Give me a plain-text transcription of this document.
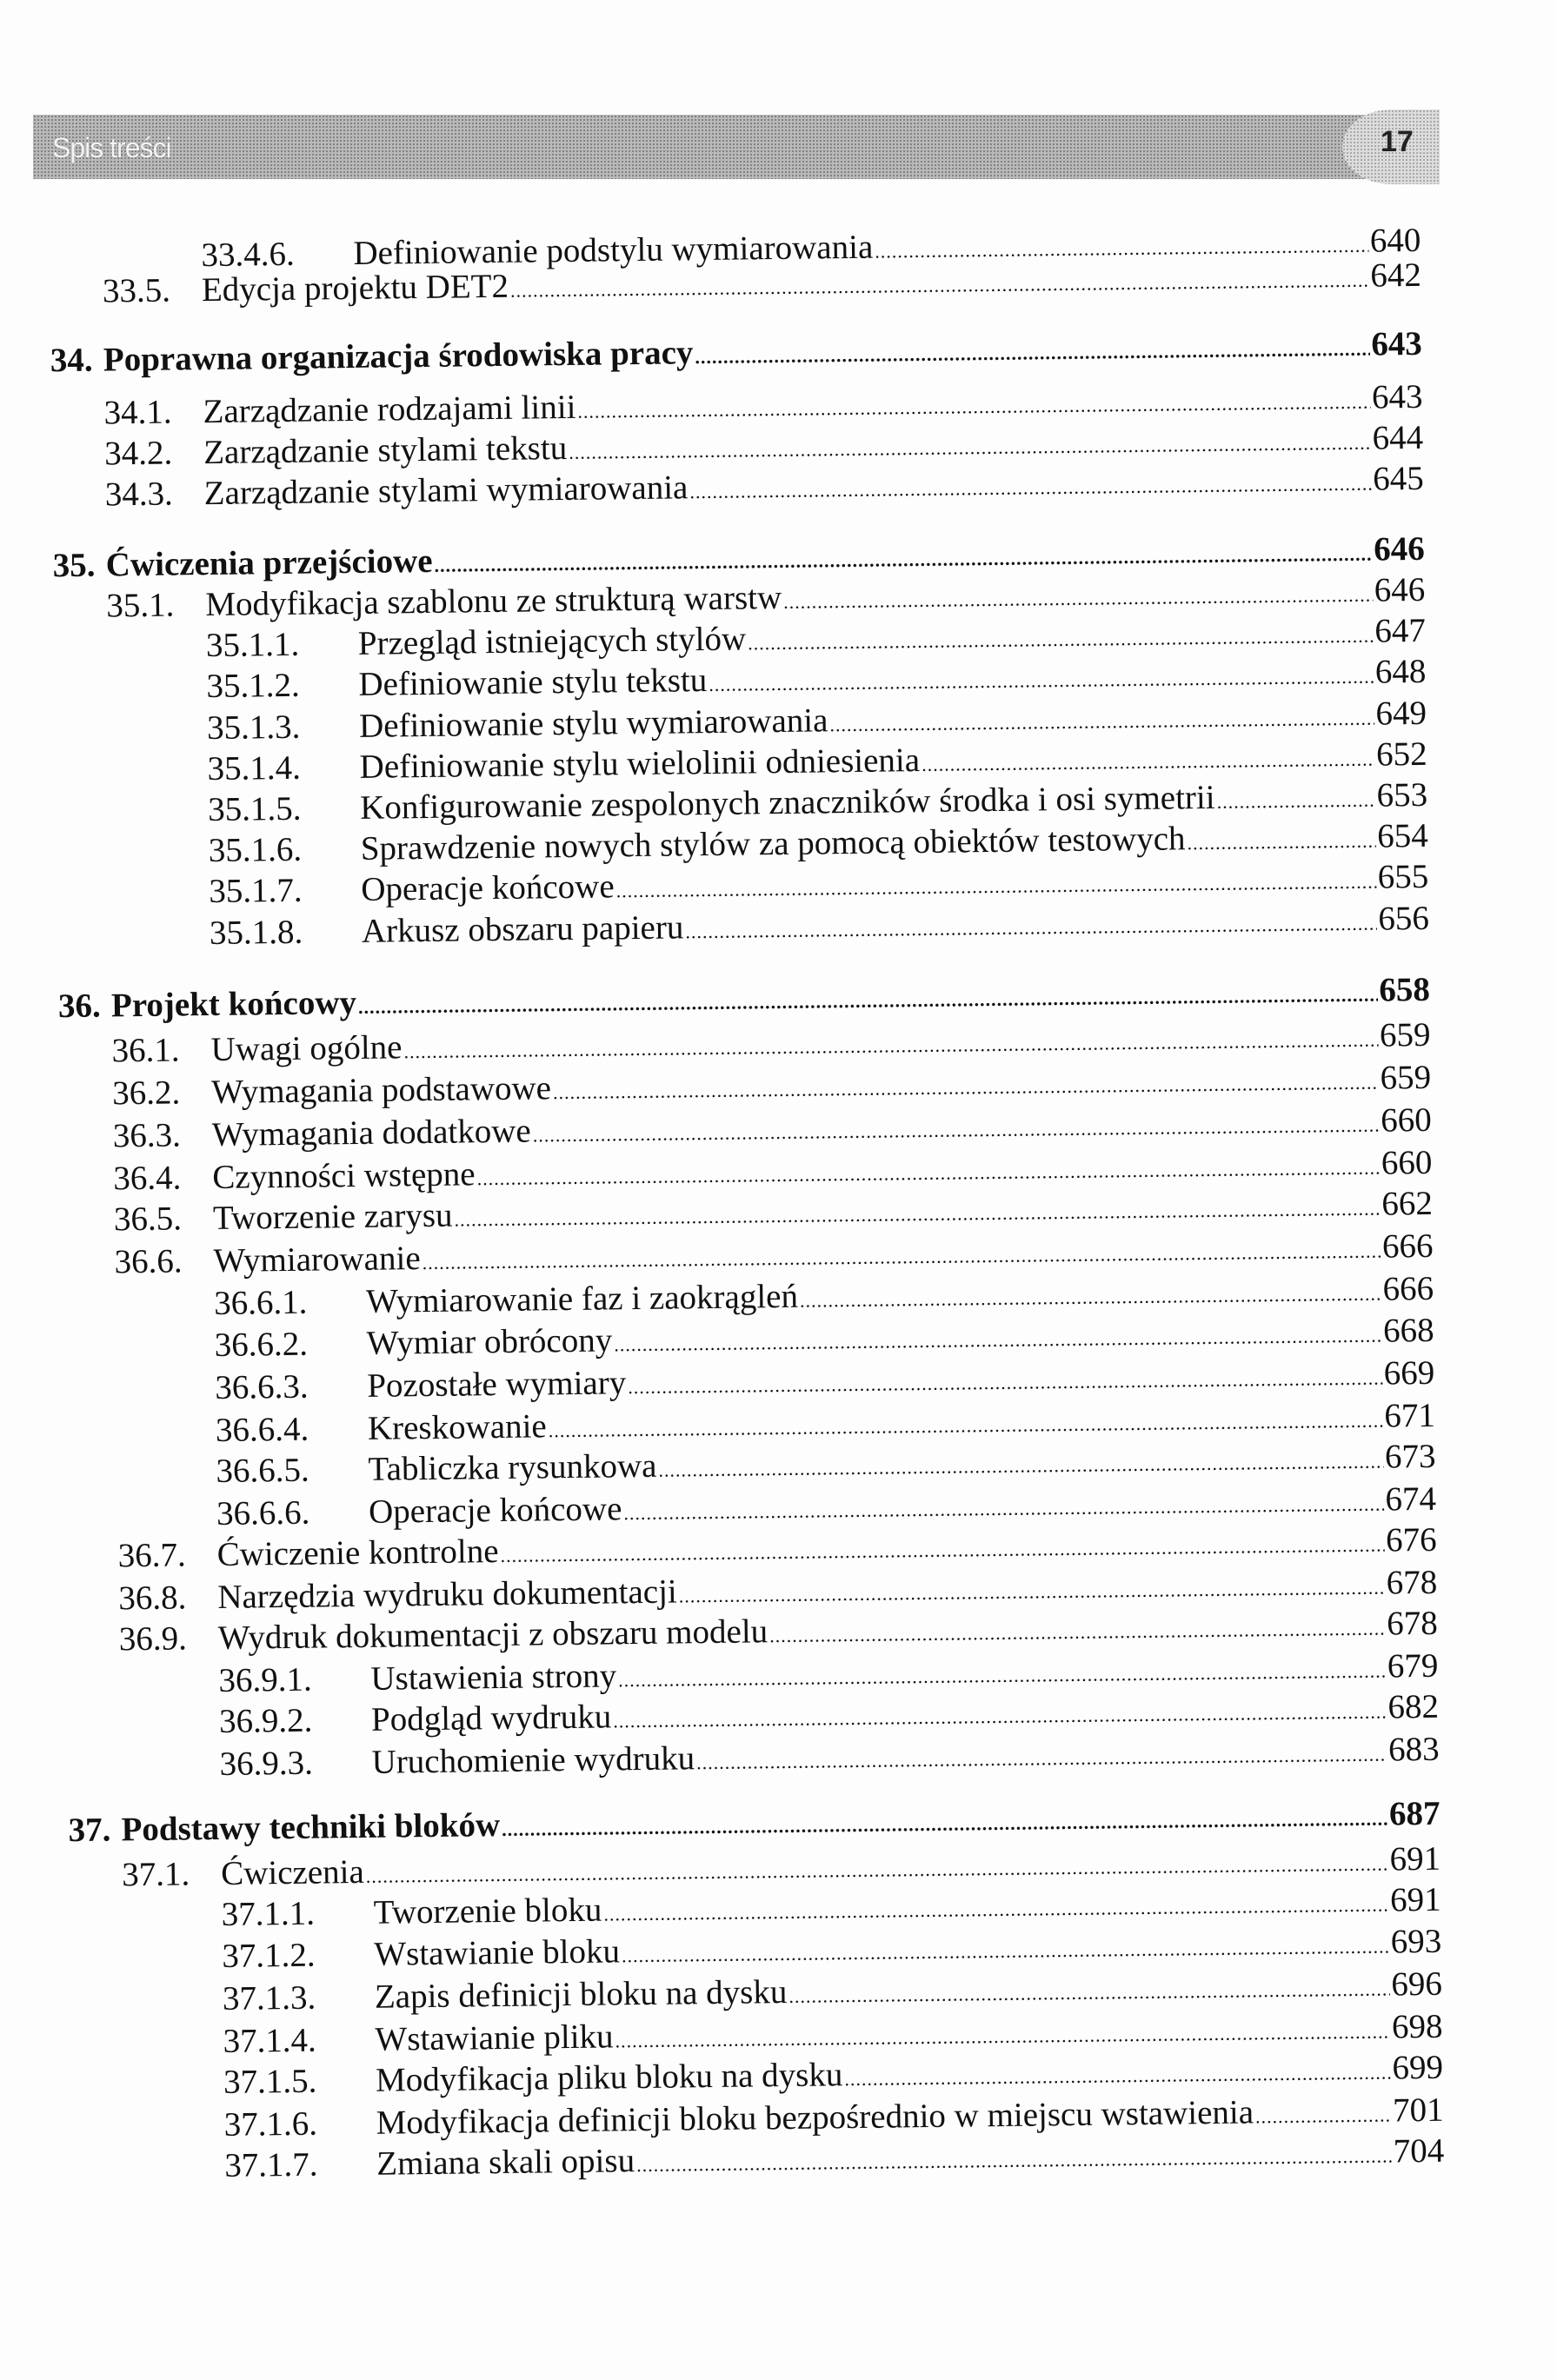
Spis treści	17
33.4.6.	Definiowanie podstylu wymiarowania .....	640
33.5. Edycja projektu DET2 .....	642
34. Poprawna organizacja środowiska pracy .....	643
34.1. Zarządzanie rodzajami linii .....	643
34.2. Zarządzanie stylami tekstu .....	644
34.3. Zarządzanie stylami wymiarowania .....	645
35. Ćwiczenia przejściowe .....	646
35.1. Modyfikacja szablonu ze strukturą warstw .....	646
35.1.1.	Przegląd istniejących stylów .....	647
35.1.2.	Definiowanie stylu tekstu .....	648
35.1.3.	Definiowanie stylu wymiarowania .....	649
35.1.4.	Definiowanie stylu wielolinii odniesienia .....	652
35.1.5.	Konfigurowanie zespolonych znaczników środka i osi symetrii .....	653
35.1.6.	Sprawdzenie nowych stylów za pomocą obiektów testowych .....	654
35.1.7.	Operacje końcowe .....	655
35.1.8.	Arkusz obszaru papieru .....	656
36. Projekt końcowy .....	658
36.1. Uwagi ogólne .....	659
36.2. Wymagania podstawowe .....	659
36.3. Wymagania dodatkowe .....	660
36.4. Czynności wstępne .....	660
36.5. Tworzenie zarysu .....	662
36.6. Wymiarowanie .....	666
36.6.1.	Wymiarowanie faz i zaokrągleń .....	666
36.6.2.	Wymiar obrócony .....	668
36.6.3.	Pozostałe wymiary .....	669
36.6.4.	Kreskowanie .....	671
36.6.5.	Tabliczka rysunkowa .....	673
36.6.6.	Operacje końcowe .....	674
36.7. Ćwiczenie kontrolne .....	676
36.8. Narzędzia wydruku dokumentacji .....	678
36.9. Wydruk dokumentacji z obszaru modelu .....	678
36.9.1.	Ustawienia strony .....	679
36.9.2.	Podgląd wydruku .....	682
36.9.3.	Uruchomienie wydruku .....	683
37. Podstawy techniki bloków .....	687
37.1. Ćwiczenia .....	691
37.1.1.	Tworzenie bloku .....	691
37.1.2.	Wstawianie bloku .....	693
37.1.3.	Zapis definicji bloku na dysku .....	696
37.1.4.	Wstawianie pliku .....	698
37.1.5.	Modyfikacja pliku bloku na dysku .....	699
37.1.6.	Modyfikacja definicji bloku bezpośrednio w miejscu wstawienia .....	701
37.1.7.	Zmiana skali opisu .....	704
